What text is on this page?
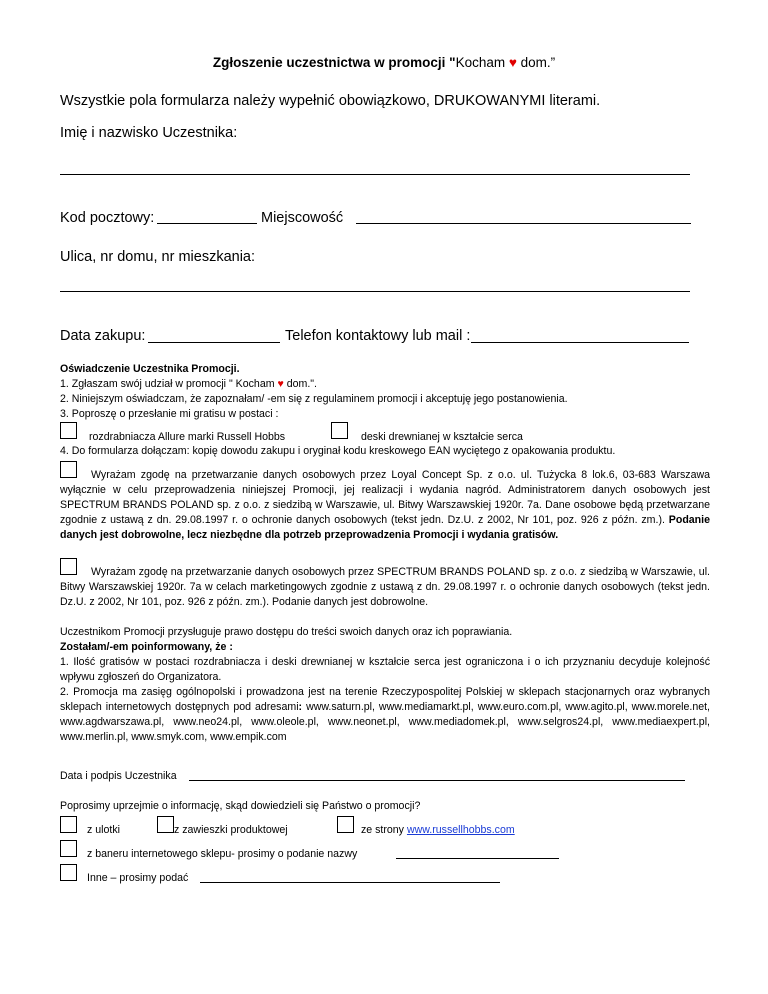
Zgłoszenie uczestnictwa w promocji "Kocham ♥ dom.”
Wszystkie pola formularza należy wypełnić obowiązkowo, DRUKOWANYMI literami.
Imię i nazwisko Uczestnika:
Kod pocztowy:	Miejscowość
Ulica, nr domu, nr mieszkania:
Data zakupu:	Telefon kontaktowy lub mail :
Oświadczenie Uczestnika Promocji.
1. Zgłaszam swój udział w promocji " Kocham ♥ dom.".
2. Niniejszym oświadczam, że zapoznałam/ -em się z regulaminem promocji i akceptuję jego postanowienia.
3. Poproszę o przesłanie mi gratisu w postaci :
rozdrabniacza Allure marki Russell Hobbs	deski drewnianej w kształcie serca
4. Do formularza dołączam: kopię dowodu zakupu i oryginał kodu kreskowego EAN wyciętego z opakowania produktu.
Wyrażam zgodę na przetwarzanie danych osobowych przez Loyal Concept Sp. z o.o. ul. Tużycka 8 lok.6, 03-683 Warszawa wyłącznie w celu przeprowadzenia niniejszej Promocji, jej realizacji i wydania nagród. Administratorem danych osobowych jest SPECTRUM BRANDS POLAND sp. z o.o. z siedzibą w Warszawie, ul. Bitwy Warszawskiej 1920r. 7a. Dane osobowe będą przetwarzane zgodnie z ustawą z dn. 29.08.1997 r. o ochronie danych osobowych (tekst jedn. Dz.U. z 2002, Nr 101, poz. 926 z późn. zm.). Podanie danych jest dobrowolne, lecz niezbędne dla potrzeb przeprowadzenia Promocji i wydania gratisów.
Wyrażam zgodę na przetwarzanie danych osobowych przez SPECTRUM BRANDS POLAND sp. z o.o. z siedzibą w Warszawie, ul. Bitwy Warszawskiej 1920r. 7a w celach marketingowych zgodnie z ustawą z dn. 29.08.1997 r. o ochronie danych osobowych (tekst jedn. Dz.U. z 2002, Nr 101, poz. 926 z późn. zm.). Podanie danych jest dobrowolne.
Uczestnikom Promocji przysługuje prawo dostępu do treści swoich danych oraz ich poprawiania.
Zostałam/-em poinformowany, że :
1. Ilość gratisów w postaci rozdrabniacza i deski drewnianej w kształcie serca jest ograniczona i o ich przyznaniu decyduje kolejność wpływu zgłoszeń do Organizatora.
2. Promocja ma zasięg ogólnopolski i prowadzona jest na terenie Rzeczypospolitej Polskiej w sklepach stacjonarnych oraz wybranych sklepach internetowych dostępnych pod adresami: www.saturn.pl, www.mediamarkt.pl, www.euro.com.pl, www.agito.pl, www.morele.net, www.agdwarszawa.pl, www.neo24.pl, www.oleole.pl, www.neonet.pl, www.mediadomek.pl, www.selgros24.pl, www.mediaexpert.pl, www.merlin.pl, www.smyk.com, www.empik.com
Data i podpis Uczestnika
Poprosimy uprzejmie o informację, skąd dowiedzieli się Państwo o promocji?
z ulotki	z zawieszki produktowej	ze strony www.russellhobbs.com
z baneru internetowego sklepu- prosimy o podanie nazwy
Inne – prosimy podać
